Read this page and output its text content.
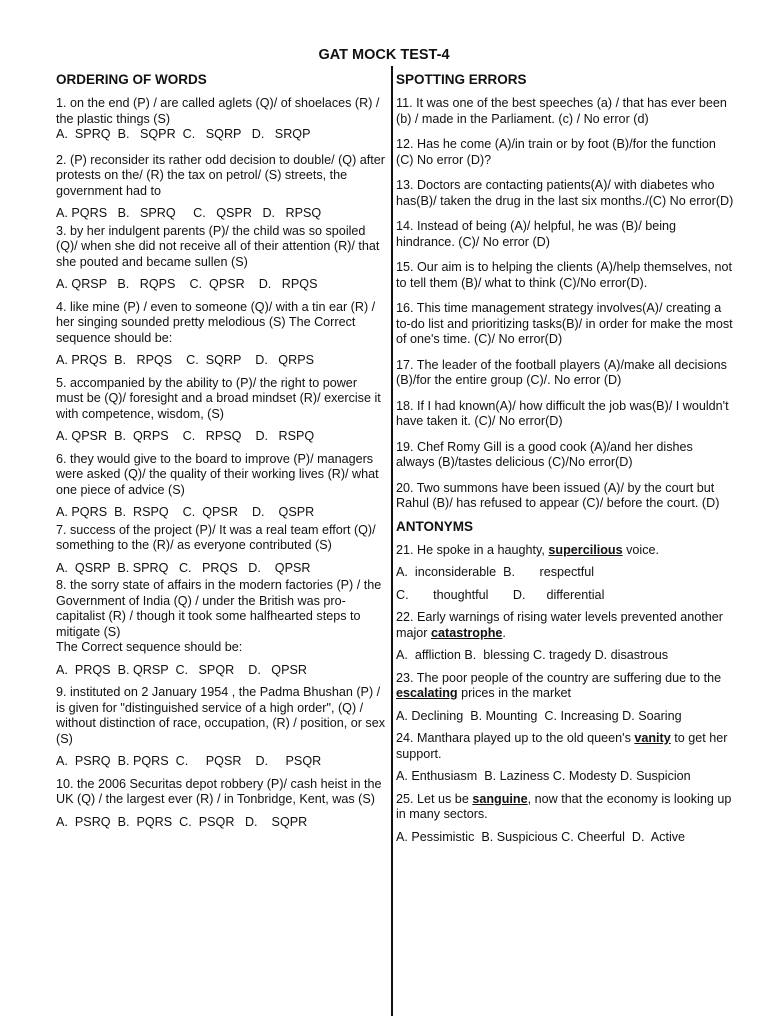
GAT MOCK TEST-4
ORDERING OF WORDS
1. on the end (P) / are called aglets (Q)/ of shoelaces (R) / the plastic things (S)
A.  SPRQ  B.   SQPR  C.   SQRP   D.   SRQP
2. (P) reconsider its rather odd decision to double/ (Q) after protests on the/ (R) the tax on petrol/ (S) streets, the government had to
A. PQRS   B.   SPRQ     C.   QSPR   D.   RPSQ
3. by her indulgent parents (P)/ the child was so spoiled (Q)/ when she did not receive all of their attention (R)/ that she pouted and became sullen (S)
A. QRSP   B.   RQPS    C.  QPSR    D.   RPQS
4. like mine (P) / even to someone (Q)/ with a tin ear (R) / her singing sounded pretty melodious (S) The Correct sequence should be:
A. PRQS  B.   RPQS    C.  SQRP    D.   QRPS
5. accompanied by the ability to (P)/ the right to power must be (Q)/ foresight and a broad mindset (R)/ exercise it with competence, wisdom, (S)
A. QPSR  B.  QRPS    C.   RPSQ    D.   RSPQ
6. they would give to the board to improve (P)/ managers were asked (Q)/ the quality of their working lives (R)/ what one piece of advice (S)
A. PQRS  B.  RSPQ    C.  QPSR    D.    QSPR
7. success of the project (P)/ It was a real team effort (Q)/ something to the (R)/ as everyone contributed (S)
A.  QSRP  B. SPRQ   C.   PRQS   D.    QPSR
8. the sorry state of affairs in the modern factories (P) / the Government of India (Q) / under the British was pro-capitalist (R) / though it took some halfhearted steps to mitigate (S)
The Correct sequence should be:
A.  PRQS  B. QRSP  C.   SPQR    D.   QPSR
9. instituted on 2 January 1954 , the Padma Bhushan (P) / is given for "distinguished service of a high order", (Q) / without distinction of race, occupation, (R) / position, or sex (S)
A.  PSRQ  B. PQRS  C.     PQSR    D.     PSQR
10. the 2006 Securitas depot robbery (P)/ cash heist in the UK (Q) / the largest ever (R) / in Tonbridge, Kent, was (S)
A.  PSRQ  B.  PQRS  C.  PSQR   D.    SQPR
SPOTTING ERRORS
11. It was one of the best speeches (a) / that has ever been (b) / made in the Parliament. (c) / No error (d)
12. Has he come (A)/in train or by foot (B)/for the function (C) No error (D)?
13. Doctors are contacting patients(A)/ with diabetes who has(B)/ taken the drug in the last six months./(C) No error(D)
14. Instead of being (A)/ helpful, he was (B)/ being hindrance. (C)/ No error (D)
15. Our aim is to helping the clients (A)/help themselves, not to tell them (B)/ what to think (C)/No error(D).
16. This time management strategy involves(A)/ creating a to-do list and prioritizing tasks(B)/ in order for make the most of one's time. (C)/ No error(D)
17. The leader of the football players (A)/make all decisions (B)/for the entire group (C)/. No error (D)
18. If I had known(A)/ how difficult the job was(B)/ I wouldn't have taken it. (C)/ No error(D)
19. Chef Romy Gill is a good cook (A)/and her dishes always (B)/tastes delicious (C)/No error(D)
20. Two summons have been issued (A)/ by the court but Rahul (B)/ has refused to appear (C)/ before the court. (D)
ANTONYMS
21. He spoke in a haughty, supercilious voice.
A.  inconsiderable  B.       respectful
C.       thoughtful       D.      differential
22. Early warnings of rising water levels prevented another major catastrophe.
A.  affliction B.  blessing C. tragedy D. disastrous
23. The poor people of the country are suffering due to the escalating prices in the market
A. Declining  B. Mounting  C. Increasing D. Soaring
24. Manthara played up to the old queen's vanity to get her support.
A. Enthusiasm  B. Laziness C. Modesty D. Suspicion
25. Let us be sanguine, now that the economy is looking up in many sectors.
A. Pessimistic  B. Suspicious C. Cheerful  D.  Active
